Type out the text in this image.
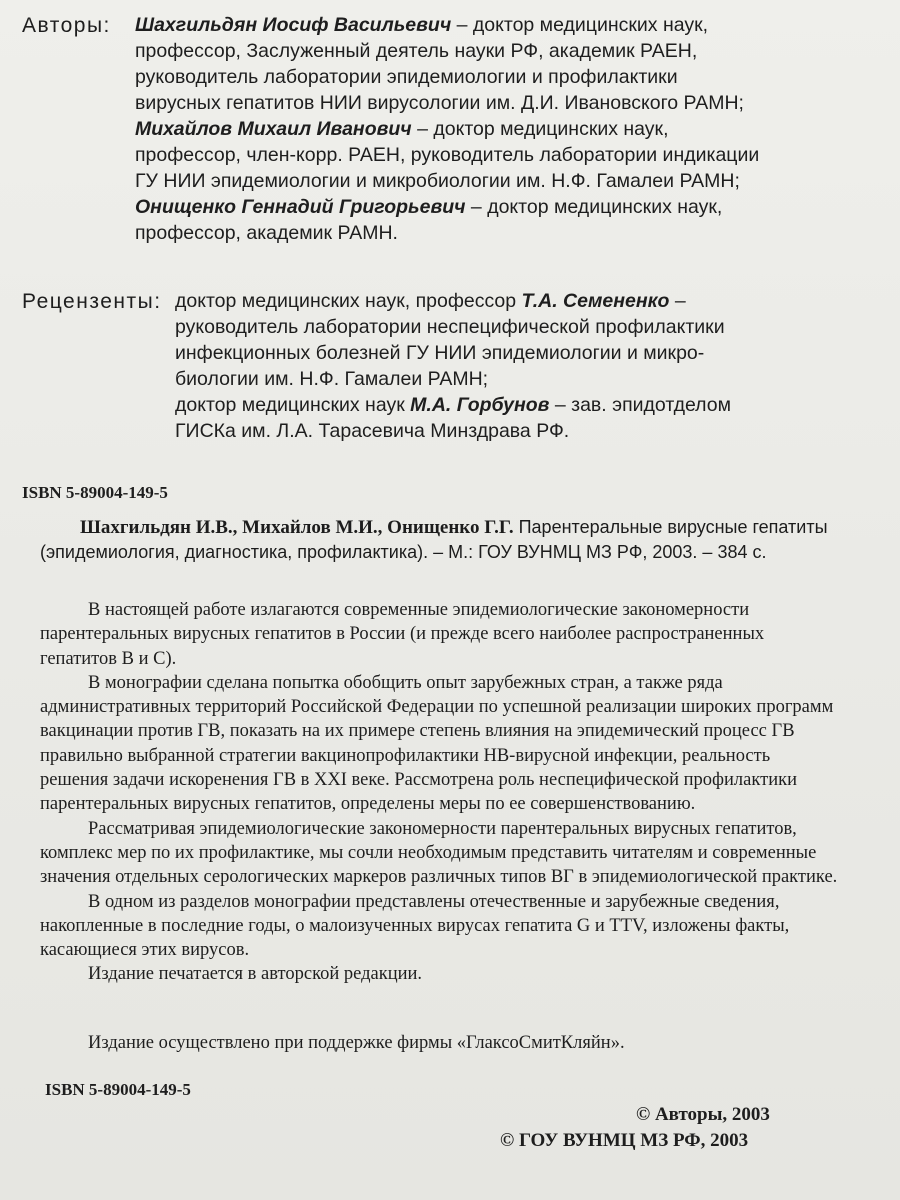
Авторы: Шахгильдян Иосиф Васильевич – доктор медицинских наук,
профессор, Заслуженный деятель науки РФ, академик РАЕН,
руководитель лаборатории эпидемиологии и профилактики
вирусных гепатитов НИИ вирусологии им. Д.И. Ивановского РАМН;
Михайлов Михаил Иванович – доктор медицинских наук,
профессор, член-корр. РАЕН, руководитель лаборатории индикации
ГУ НИИ эпидемиологии и микробиологии им. Н.Ф. Гамалеи РАМН;
Онищенко Геннадий Григорьевич – доктор медицинских наук,
профессор, академик РАМН.
Рецензенты: доктор медицинских наук, профессор Т.А. Семененко –
руководитель лаборатории неспецифической профилактики
инфекционных болезней ГУ НИИ эпидемиологии и микро-
биологии им. Н.Ф. Гамалеи РАМН;
доктор медицинских наук М.А. Горбунов – зав. эпидотделом
ГИСКа им. Л.А. Тарасевича Минздрава РФ.
ISBN 5-89004-149-5
Шахгильдян И.В., Михайлов М.И., Онищенко Г.Г. Парентеральные вирусные гепатиты (эпидемиология, диагностика, профилактика). – М.: ГОУ ВУНМЦ МЗ РФ, 2003. – 384 с.

В настоящей работе излагаются современные эпидемиологические закономерности парентеральных вирусных гепатитов в России (и прежде всего наиболее распространенных гепатитов В и С).

В монографии сделана попытка обобщить опыт зарубежных стран, а также ряда административных территорий Российской Федерации по успешной реализации широких программ вакцинации против ГВ, показать на их примере степень влияния на эпидемический процесс ГВ правильно выбранной стратегии вакцинопрофилактики НВ-вирусной инфекции, реальность решения задачи искоренения ГВ в XXI веке. Рассмотрена роль неспецифической профилактики парентеральных вирусных гепатитов, определены меры по ее совершенствованию.

Рассматривая эпидемиологические закономерности парентеральных вирусных гепатитов, комплекс мер по их профилактике, мы сочли необходимым представить читателям и современные значения отдельных серологических маркеров различных типов ВГ в эпидемиологической практике.

В одном из разделов монографии представлены отечественные и зарубежные сведения, накопленные в последние годы, о малоизученных вирусах гепатита G и TTV, изложены факты, касающиеся этих вирусов.

Издание печатается в авторской редакции.

Издание осуществлено при поддержке фирмы «ГлаксоСмитКляйн».
ISBN 5-89004-149-5
© Авторы, 2003
© ГОУ ВУНМЦ МЗ РФ, 2003
